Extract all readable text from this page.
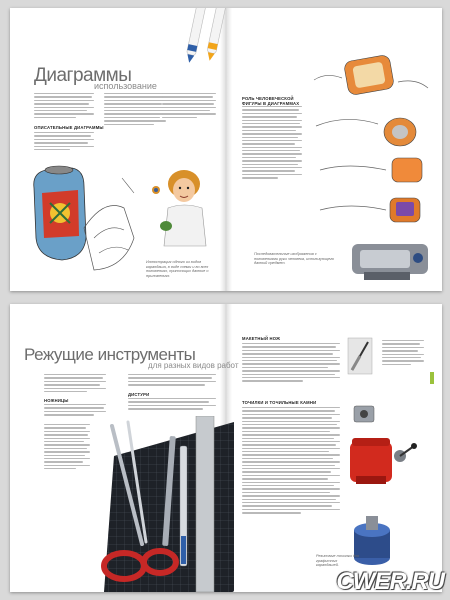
Диаграммы
использование
ОПИСАТЕЛЬНЫЕ ДИАГРАММЫ
Иллюстрация одного из видов карандаша, в виде схемы и во всех положениях, приносящих данные о приложениях.
РОЛЬ ЧЕЛОВЕЧЕСКОЙ ФИГУРЫ В ДИАГРАММАХ
Последовательные изображения с положениями руки человека, использующего данный предмет.
Режущие инструменты
для разных видов работ
НОЖНИЦЫ
ДИСТУРИ
МАКЕТНЫЙ НОЖ
ТОЧИЛКИ И ТОЧИЛЬНЫЕ КАМНИ
Резиновые точилки для графитных карандашей.
CWER.RU
